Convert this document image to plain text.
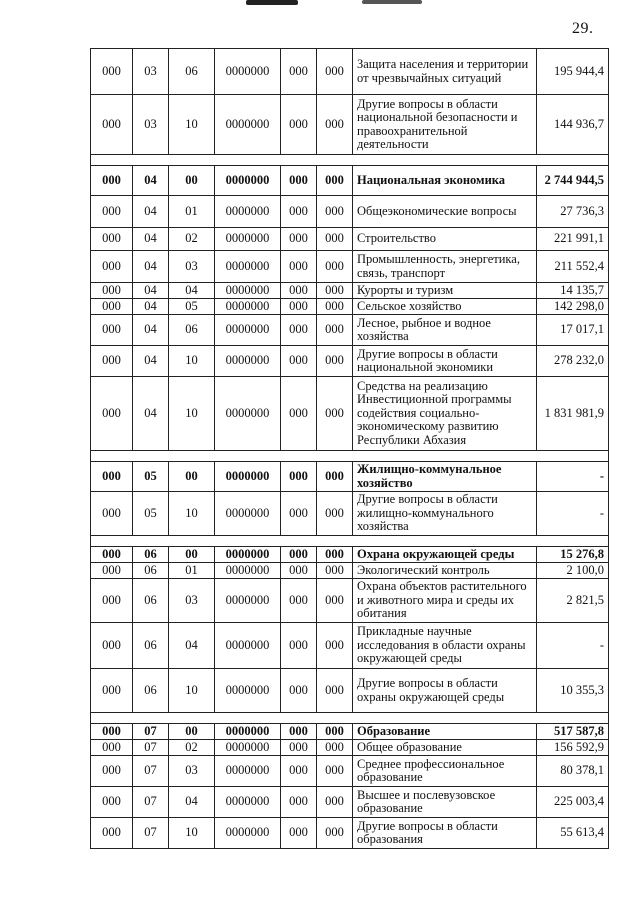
29.
000	03	06	0000000	000	000	Защита населения и территории от чрезвычайных ситуаций	195 944,4
000	03	10	0000000	000	000	Другие вопросы в области национальной безопасности и правоохранительной деятельности	144 936,7

000	04	00	0000000	000	000	Национальная экономика	2 744 944,5
000	04	01	0000000	000	000	Общеэкономические вопросы	27 736,3
000	04	02	0000000	000	000	Строительство	221 991,1
000	04	03	0000000	000	000	Промышленность, энергетика, связь, транспорт	211 552,4
000	04	04	0000000	000	000	Курорты и туризм	14 135,7
000	04	05	0000000	000	000	Сельское хозяйство	142 298,0
000	04	06	0000000	000	000	Лесное, рыбное и водное хозяйства	17 017,1
000	04	10	0000000	000	000	Другие вопросы в области национальной экономики	278 232,0
000	04	10	0000000	000	000	Средства на реализацию Инвестиционной программы содействия социально-экономическому развитию Республики Абхазия	1 831 981,9

000	05	00	0000000	000	000	Жилищно-коммунальное хозяйство	-
000	05	10	0000000	000	000	Другие вопросы в области жилищно-коммунального хозяйства	-

000	06	00	0000000	000	000	Охрана окружающей среды	15 276,8
000	06	01	0000000	000	000	Экологический контроль	2 100,0
000	06	03	0000000	000	000	Охрана объектов растительного и животного мира и среды их обитания	2 821,5
000	06	04	0000000	000	000	Прикладные научные исследования в области охраны окружающей среды	-
000	06	10	0000000	000	000	Другие вопросы в области охраны окружающей среды	10 355,3

000	07	00	0000000	000	000	Образование	517 587,8
000	07	02	0000000	000	000	Общее образование	156 592,9
000	07	03	0000000	000	000	Среднее профессиональное образование	80 378,1
000	07	04	0000000	000	000	Высшее и послевузовское образование	225 003,4
000	07	10	0000000	000	000	Другие вопросы в области образования	55 613,4
